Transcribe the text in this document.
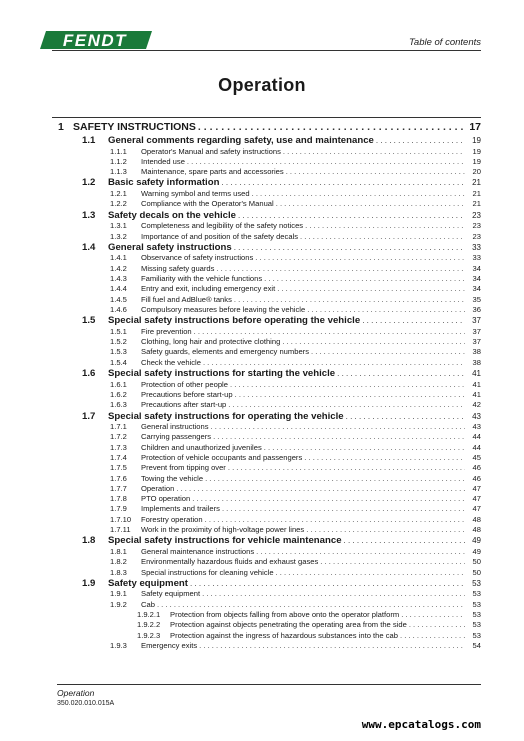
FENDT	Table of contents
Operation
1 SAFETY INSTRUCTIONS . . .	17
1.1	General comments regarding safety, use and maintenance . . .	19
1.1.1	Operator's Manual and safety instructions . . .	19
1.1.2	Intended use . . .	19
1.1.3	Maintenance, spare parts and accessories . . .	20
1.2	Basic safety information . . .	21
1.2.1	Warning symbol and terms used . . .	21
1.2.2	Compliance with the Operator's Manual . . .	21
1.3	Safety decals on the vehicle . . .	23
1.3.1	Completeness and legibility of the safety notices . . .	23
1.3.2	Importance of and position of the safety decals . . .	23
1.4	General safety instructions . . .	33
1.4.1	Observance of safety instructions . . .	33
1.4.2	Missing safety guards . . .	34
1.4.3	Familiarity with the vehicle functions . . .	34
1.4.4	Entry and exit, including emergency exit . . .	34
1.4.5	Fill fuel and AdBlue® tanks . . .	35
1.4.6	Compulsory measures before leaving the vehicle . . .	36
1.5	Special safety instructions before operating the vehicle . . .	37
1.5.1	Fire prevention . . .	37
1.5.2	Clothing, long hair and protective clothing . . .	37
1.5.3	Safety guards, elements and emergency numbers . . .	38
1.5.4	Check the vehicle . . .	38
1.6	Special safety instructions for starting the vehicle . . .	41
1.6.1	Protection of other people . . .	41
1.6.2	Precautions before start-up . . .	41
1.6.3	Precautions after start-up . . .	42
1.7	Special safety instructions for operating the vehicle . . .	43
1.7.1	General instructions . . .	43
1.7.2	Carrying passengers . . .	44
1.7.3	Children and unauthorized juveniles . . .	44
1.7.4	Protection of vehicle occupants and passengers . . .	45
1.7.5	Prevent from tipping over . . .	46
1.7.6	Towing the vehicle . . .	46
1.7.7	Operation . . .	47
1.7.8	PTO operation . . .	47
1.7.9	Implements and trailers . . .	47
1.7.10	Forestry operation . . .	48
1.7.11	Work in the proximity of high-voltage power lines . . .	48
1.8	Special safety instructions for vehicle maintenance . . .	49
1.8.1	General maintenance instructions . . .	49
1.8.2	Environmentally hazardous fluids and exhaust gases . . .	50
1.8.3	Special instructions for cleaning vehicle . . .	50
1.9	Safety equipment . . .	53
1.9.1	Safety equipment . . .	53
1.9.2	Cab . . .	53
1.9.2.1	Protection from objects falling from above onto the operator platform . . .	53
1.9.2.2	Protection against objects penetrating the operating area from the side . . .	53
1.9.2.3	Protection against the ingress of hazardous substances into the cab . . .	53
1.9.3	Emergency exits . . .	54
Operation
350.020.010.015A
www.epcatalogs.com
